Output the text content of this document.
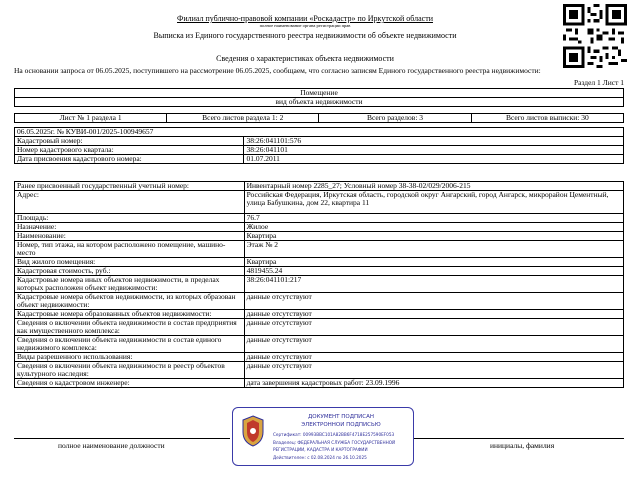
Филиал публично-правовой компании «Роскадастр» по Иркутской области
полное наименование органа регистрации прав
Выписка из Единого государственного реестра недвижимости об объекте недвижимости
Сведения о характеристиках объекта недвижимости
На основании запроса от 06.05.2025, поступившего на рассмотрение 06.05.2025, сообщаем, что согласно записям Единого государственного реестра недвижимости:
Раздел 1 Лист 1
Помещение
вид объекта недвижимости
Лист № 1 раздела 1	Всего листов раздела 1: 2	Всего разделов: 3	Всего листов выписки: 30
06.05.2025г. № КУВИ-001/2025-100949657	
Кадастровый номер:	38:26:041101:576
Номер кадастрового квартала:	38:26:041101
Дата присвоения кадастрового номера:	01.07.2011
Ранее присвоенный государственный учетный номер:	Инвентарный номер 2285_27; Условный номер 38-38-02/029/2006-215
Адрес:	Российская Федерация, Иркутская область, городской округ Ангарский, город Ангарск, микрорайон Цементный, улица Бабушкина, дом 22, квартира 11
Площадь:	76.7
Назначение:	Жилое
Наименование:	Квартира
Номер, тип этажа, на котором расположено помещение, машино-место	Этаж № 2
Вид жилого помещения:	Квартира
Кадастровая стоимость, руб.:	4819455.24
Кадастровые номера иных объектов недвижимости, в пределах которых расположен объект недвижимости:	38:26:041101:217
Кадастровые номера объектов недвижимости, из которых образован объект недвижимости:	данные отсутствуют
Кадастровые номера образованных объектов недвижимости:	данные отсутствуют
Сведения о включении объекта недвижимости в состав предприятия как имущественного комплекса:	данные отсутствуют
Сведения о включении объекта недвижимости в состав единого недвижимого комплекса:	данные отсутствуют
Виды разрешенного использования:	данные отсутствуют
Сведения о включении объекта недвижимости в реестр объектов культурного наследия:	данные отсутствуют
Сведения о кадастровом инженере:	дата завершения кадастровых работ: 23.09.1996
полное наименование должности	инициалы, фамилия
ДОКУМЕНТ ПОДПИСАН
ЭЛЕКТРОННОЙ ПОДПИСЬЮ
Сертификат: 00993BBC101A82BB6F4718E257590EF053
Владелец: ФЕДЕРАЛЬНАЯ СЛУЖБА ГОСУДАРСТВЕННОЙ
РЕГИСТРАЦИИ, КАДАСТРА И КАРТОГРАФИИ
Действителен: с 02.08.2024 по 26.10.2025
